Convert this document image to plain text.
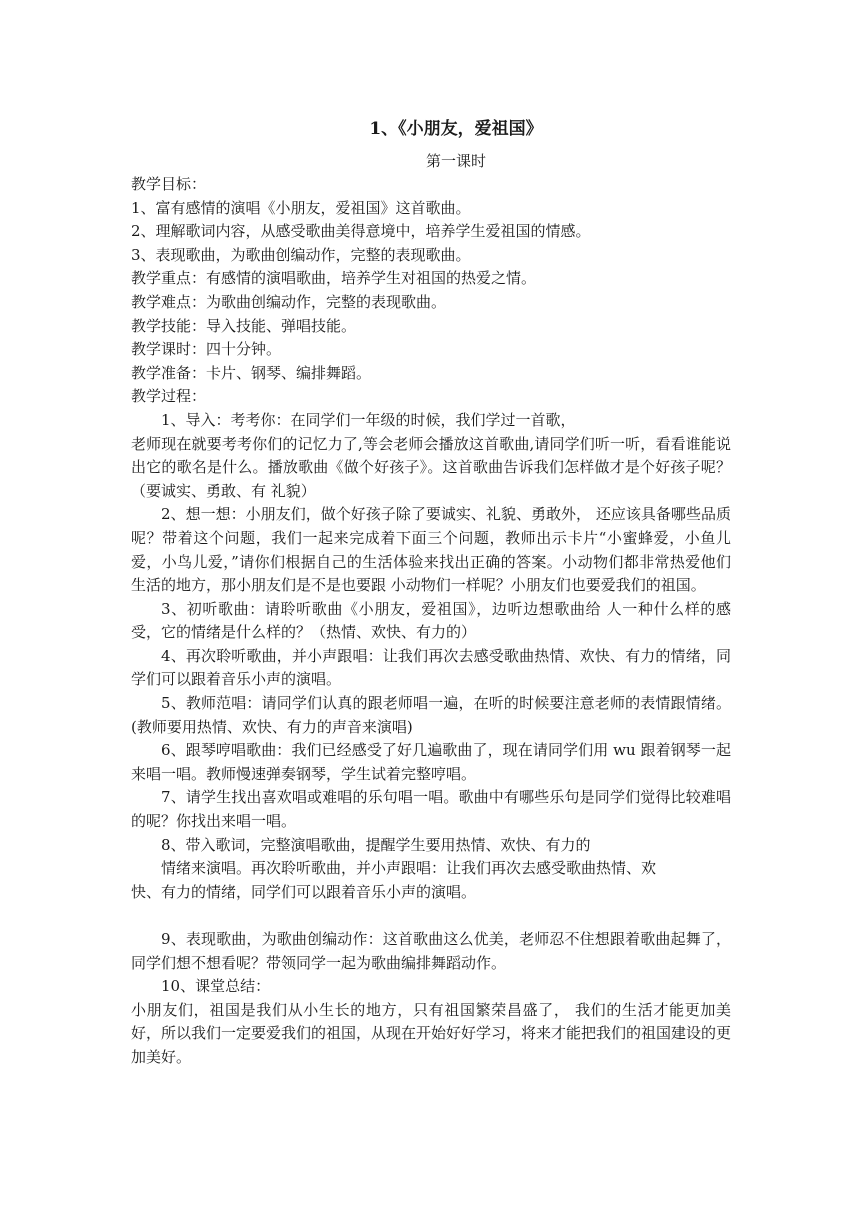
1、《小朋友，爱祖国》
第一课时
教学目标：
1、富有感情的演唱《小朋友，爱祖国》这首歌曲。
2、理解歌词内容，从感受歌曲美得意境中，培养学生爱祖国的情感。
3、表现歌曲，为歌曲创编动作，完整的表现歌曲。
教学重点：有感情的演唱歌曲，培养学生对祖国的热爱之情。
教学难点：为歌曲创编动作，完整的表现歌曲。
教学技能：导入技能、弹唱技能。
教学课时：四十分钟。
教学准备：卡片、钢琴、编排舞蹈。
教学过程：
1、导入：考考你：在同学们一年级的时候，我们学过一首歌，
老师现在就要考考你们的记忆力了,等会老师会播放这首歌曲,请同学们听一听，看看谁能说出它的歌名是什么。播放歌曲《做个好孩子》。这首歌曲告诉我们怎样做才是个好孩子呢？（要诚实、勇敢、有 礼貌）
2、想一想：小朋友们，做个好孩子除了要诚实、礼貌、勇敢外， 还应该具备哪些品质呢？带着这个问题，我们一起来完成着下面三个问题，教师出示卡片“小蜜蜂爱，小鱼儿爱，小鸟儿爱，”请你们根据自己的生活体验来找出正确的答案。小动物们都非常热爱他们生活的地方，那小朋友们是不是也要跟 小动物们一样呢？小朋友们也要爱我们的祖国。
3、初听歌曲：请聆听歌曲《小朋友，爱祖国》，边听边想歌曲给 人一种什么样的感受，它的情绪是什么样的？（热情、欢快、有力的）
4、再次聆听歌曲，并小声跟唱：让我们再次去感受歌曲热情、欢快、有力的情绪，同学们可以跟着音乐小声的演唱。
5、教师范唱：请同学们认真的跟老师唱一遍，在听的时候要注意老师的表情跟情绪。(教师要用热情、欢快、有力的声音来演唱)
6、跟琴哼唱歌曲：我们已经感受了好几遍歌曲了，现在请同学们用 wu 跟着钢琴一起来唱一唱。教师慢速弹奏钢琴，学生试着完整哼唱。
7、请学生找出喜欢唱或难唱的乐句唱一唱。歌曲中有哪些乐句是同学们觉得比较难唱的呢？你找出来唱一唱。
8、带入歌词，完整演唱歌曲，提醒学生要用热情、欢快、有力的
情绪来演唱。再次聆听歌曲，并小声跟唱：让我们再次去感受歌曲热情、欢
快、有力的情绪，同学们可以跟着音乐小声的演唱。
9、表现歌曲，为歌曲创编动作：这首歌曲这么优美，老师忍不住想跟着歌曲起舞了，同学们想不想看呢？带领同学一起为歌曲编排舞蹈动作。
10、课堂总结：
小朋友们，祖国是我们从小生长的地方，只有祖国繁荣昌盛了， 我们的生活才能更加美好，所以我们一定要爱我们的祖国，从现在开始好好学习，将来才能把我们的祖国建设的更加美好。
